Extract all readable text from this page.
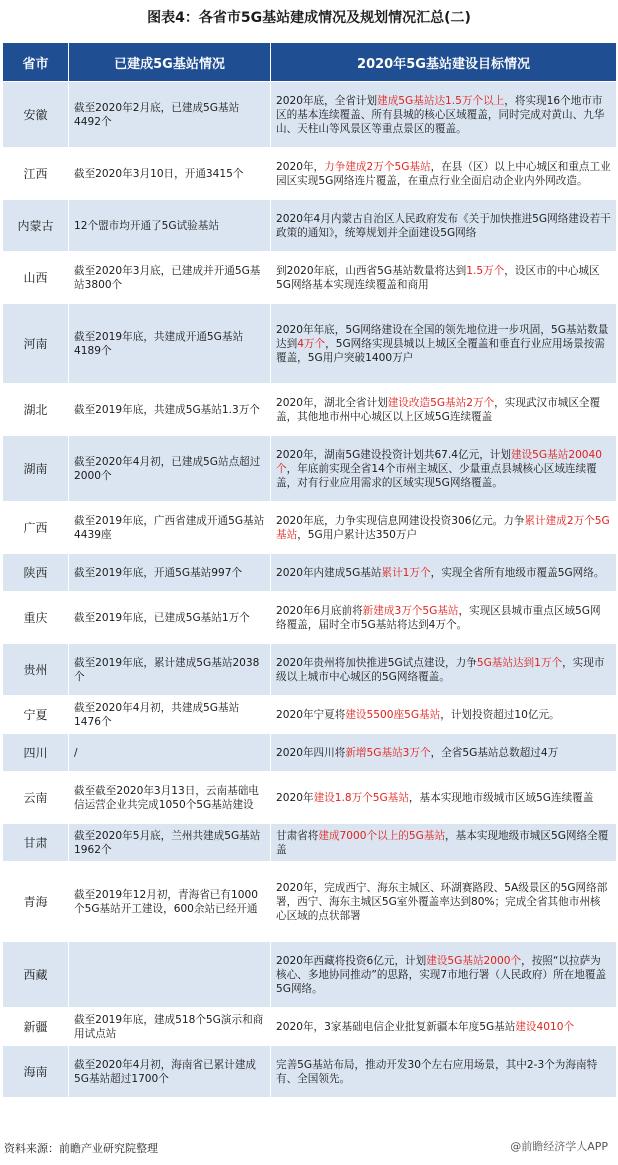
图表4：各省市5G基站建成情况及规划情况汇总(二)
省市	已建成5G基站情况	2020年5G基站建设目标情况
安徽	截至2020年2月底，已建成5G基站4492个	2020年底，全省计划建成5G基站达1.5万个以上，将实现16个地市市区的基本连续覆盖、所有县城的核心区域覆盖，同时完成对黄山、九华山、天柱山等风景区等重点景区的覆盖。
江西	截至2020年3月10日，开通3415个	2020年，力争建成2万个5G基站，在县（区）以上中心城区和重点工业园区实现5G网络连片覆盖，在重点行业全面启动企业内外网改造。
内蒙古	12个盟市均开通了5G试验基站	2020年4月内蒙古自治区人民政府发布《关于加快推进5G网络建设若干政策的通知》，统筹规划并全面建设5G网络
山西	截至2020年3月底，已建成并开通5G基站3800个	到2020年底，山西省5G基站数量将达到1.5万个，设区市的中心城区5G网络基本实现连续覆盖和商用
河南	截至2019年底，共建成开通5G基站4189个	2020年年底，5G网络建设在全国的领先地位进一步巩固，5G基站数量达到4万个，5G网络实现县城以上城区全覆盖和垂直行业应用场景按需覆盖，5G用户突破1400万户
湖北	截至2019年底，共建成5G基站1.3万个	2020年，湖北全省计划建设改造5G基站2万个，实现武汉市城区全覆盖，其他地市州中心城区以上区域5G连续覆盖
湖南	截至2020年4月初，已建成5G站点超过2000个	2020年，湖南5G建设投资计划共67.4亿元，计划建设5G基站20040个，年底前实现全省14个市州主城区、少量重点县城核心区域连续覆盖，对有行业应用需求的区域实现5G网络覆盖。
广西	截至2019年底，广西省建成开通5G基站4439座	2020年底，力争实现信息网建设投资306亿元。力争累计建成2万个5G基站，5G用户累计达350万户
陕西	截至2019年底，开通5G基站997个	2020年内建成5G基站累计1万个，实现全省所有地级市覆盖5G网络。
重庆	截至2019年底，已建成5G基站1万个	2020年6月底前将新建成3万个5G基站，实现区县城市重点区域5G网络覆盖，届时全市5G基站将达到4万个。
贵州	截至2019年底，累计建成5G基站2038个	2020年贵州将加快推进5G试点建设，力争5G基站达到1万个，实现市级以上城市中心城区的5G网络覆盖。
宁夏	截至2020年4月初，共建成5G基站1476个	2020年宁夏将建设5500座5G基站，计划投资超过10亿元。
四川	/	2020年四川将新增5G基站3万个，全省5G基站总数超过4万
云南	截至截至2020年3月13日，云南基础电信运营企业共完成1050个5G基站建设	2020年建设1.8万个5G基站，基本实现地市级城市区域5G连续覆盖
甘肃	截至2020年5月底，兰州共建成5G基站1962个	甘肃省将建成7000个以上的5G基站，基本实现地级市城区5G网络全覆盖
青海	截至2019年12月初，青海省已有1000个5G基站开工建设，600余站已经开通	2020年，完成西宁、海东主城区、环湖赛路段、5A级景区的5G网络部署，西宁、海东主城区5G室外覆盖率达到80%；完成全省其他市州核心区域的点状部署
西藏		2020年西藏将投资6亿元，计划建设5G基站2000个，按照“以拉萨为核心、多地协同推动”的思路，实现7市地行署（人民政府）所在地覆盖5G网络。
新疆	截至2019年底，建成518个5G演示和商用试点站	2020年，3家基础电信企业批复新疆本年度5G基站建设4010个
海南	截至2020年4月初，海南省已累计建成5G基站超过1700个	完善5G基站布局，推动开发30个左右应用场景，其中2-3个为海南特有、全国领先。
资料来源：前瞻产业研究院整理	@前瞻经济学人APP
